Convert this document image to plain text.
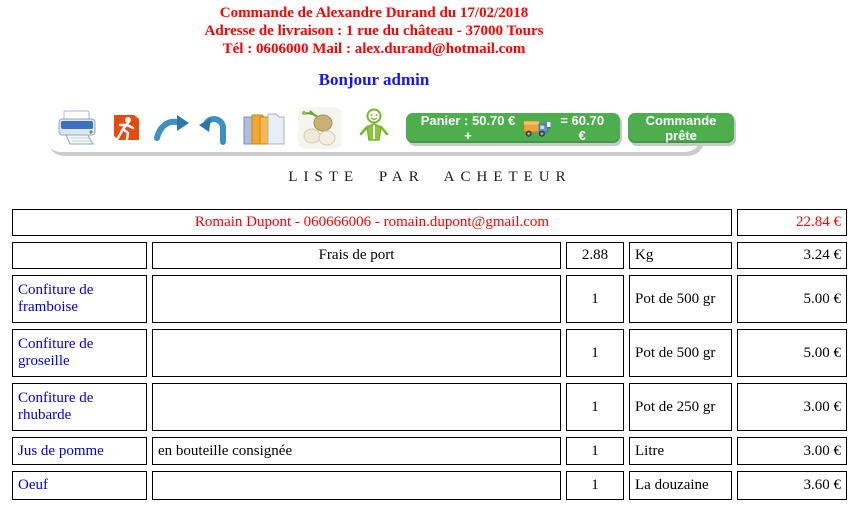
Commande de Alexandre Durand du 17/02/2018
Adresse de livraison : 1 rue du château - 37000 Tours
Tél : 0606000 Mail : alex.durand@hotmail.com
Bonjour admin
Panier : 50.70 € +
= 60.70 €
Commande prête
LISTE PAR ACHETEUR
Romain Dupont - 060666006 - romain.dupont@gmail.com				22.84 €
	Frais de port	2.88	Kg	3.24 €
Confiture de framboise		1	Pot de 500 gr	5.00 €
Confiture de groseille		1	Pot de 500 gr	5.00 €
Confiture de rhubarde		1	Pot de 250 gr	3.00 €
Jus de pomme	en bouteille consignée	1	Litre	3.00 €
Oeuf		1	La douzaine	3.60 €
